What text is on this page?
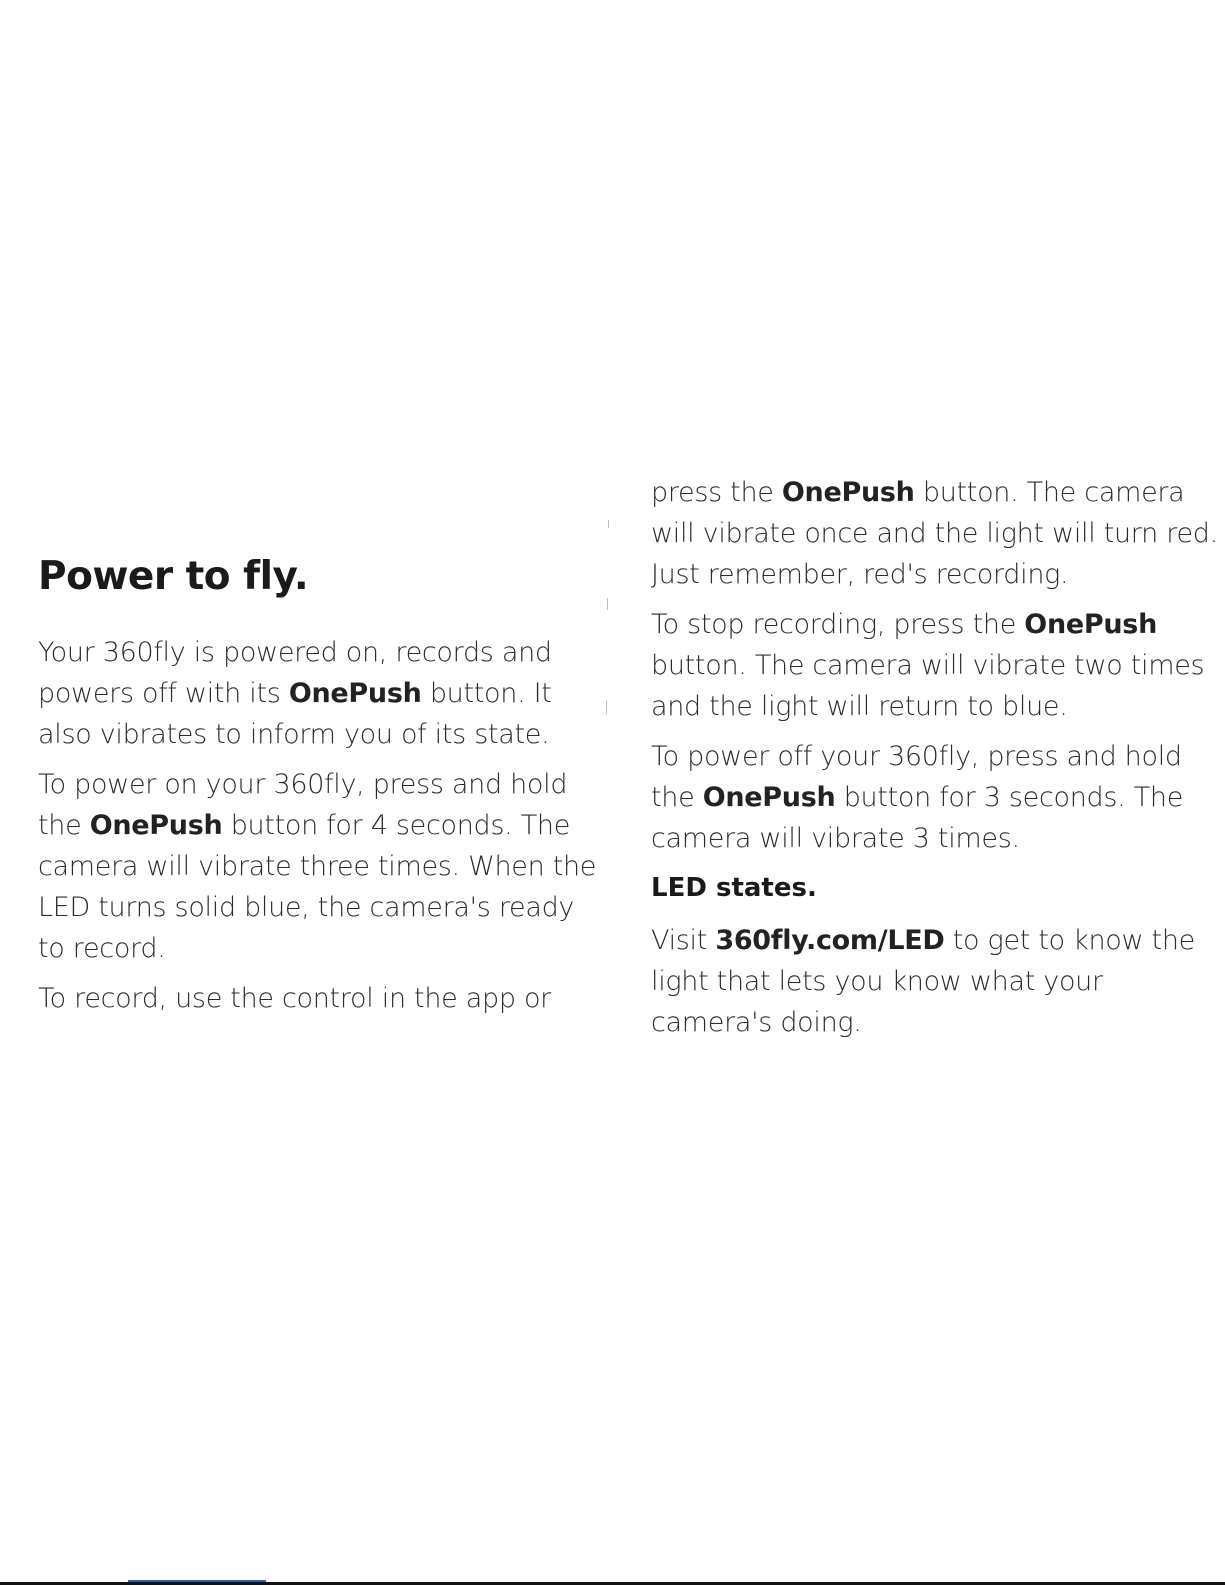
Power to fly.

Your 360fly is powered on, records and powers off with its OnePush button. It also vibrates to inform you of its state.

To power on your 360fly, press and hold the OnePush button for 4 seconds. The camera will vibrate three times. When the LED turns solid blue, the camera's ready to record.

To record, use the control in the app or

press the OnePush button. The camera will vibrate once and the light will turn red. Just remember, red's recording.

To stop recording, press the OnePush button. The camera will vibrate two times and the light will return to blue.

To power off your 360fly, press and hold the OnePush button for 3 seconds. The camera will vibrate 3 times.

LED states.

Visit 360fly.com/LED to get to know the light that lets you know what your camera's doing.
